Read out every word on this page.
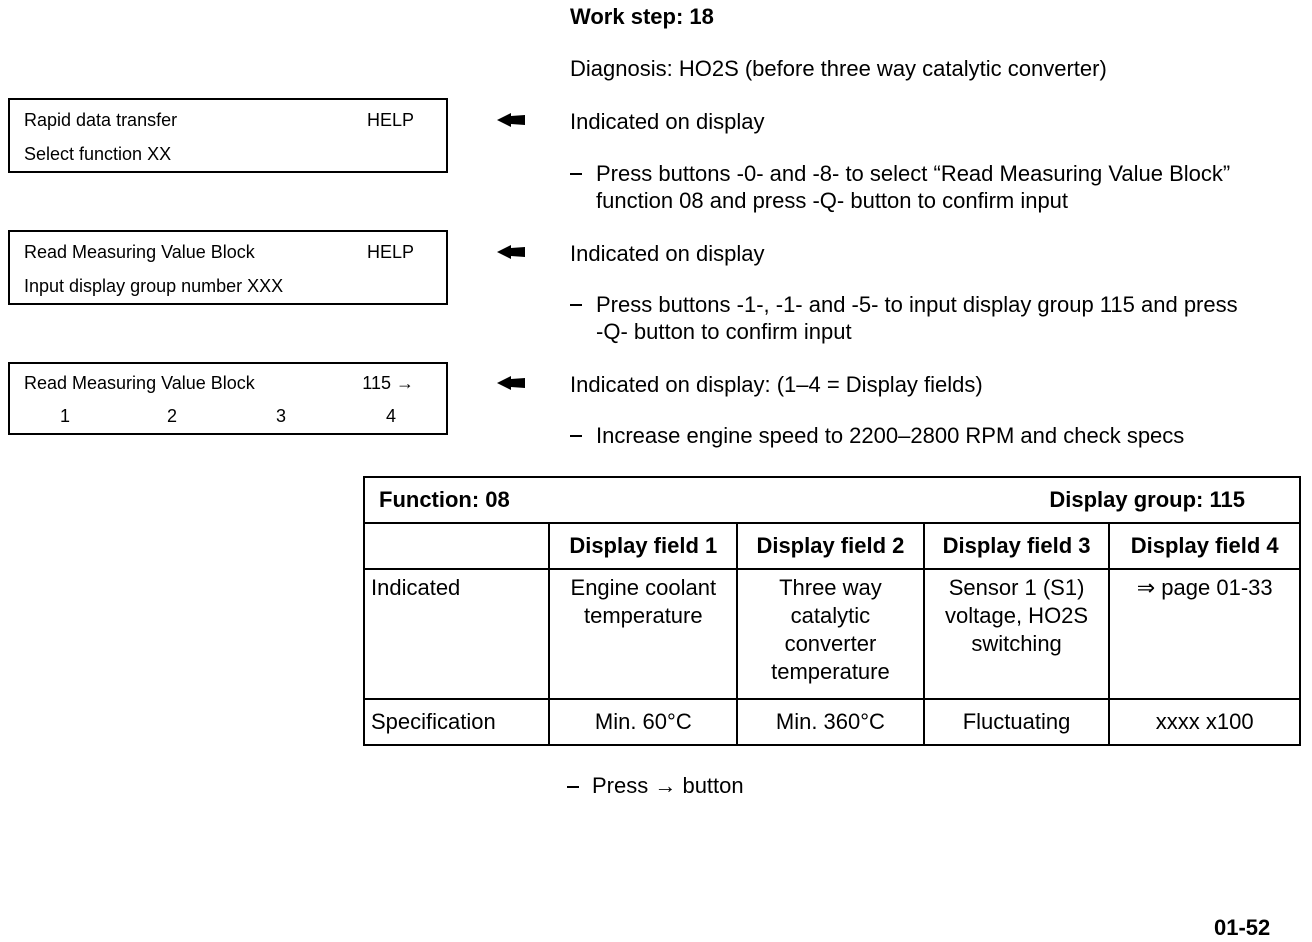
Work step: 18
Diagnosis: HO2S (before three way catalytic converter)
Rapid data transfer	HELP
Select function XX
Read Measuring Value Block	HELP
Input display group number XXX
Read Measuring Value Block	115 →
1	2	3	4
Indicated on display
Press buttons -0- and -8- to select “Read Measuring Value Block”
function 08 and press -Q- button to confirm input
Indicated on display
Press buttons -1-, -1- and -5- to input display group 115 and press
-Q- button to confirm input
Indicated on display: (1–4 = Display fields)
Increase engine speed to 2200–2800 RPM and check specs
Function: 08 Display group: 115				

	Display field 1	Display field 2	Display field 3	Display field 4
Indicated	Engine coolant temperature	Three way catalytic converter temperature	Sensor 1 (S1) voltage, HO2S switching	⇒ page 01-33
Specification	Min. 60°C	Min. 360°C	Fluctuating	xxxx x100
Press → button
01-52
